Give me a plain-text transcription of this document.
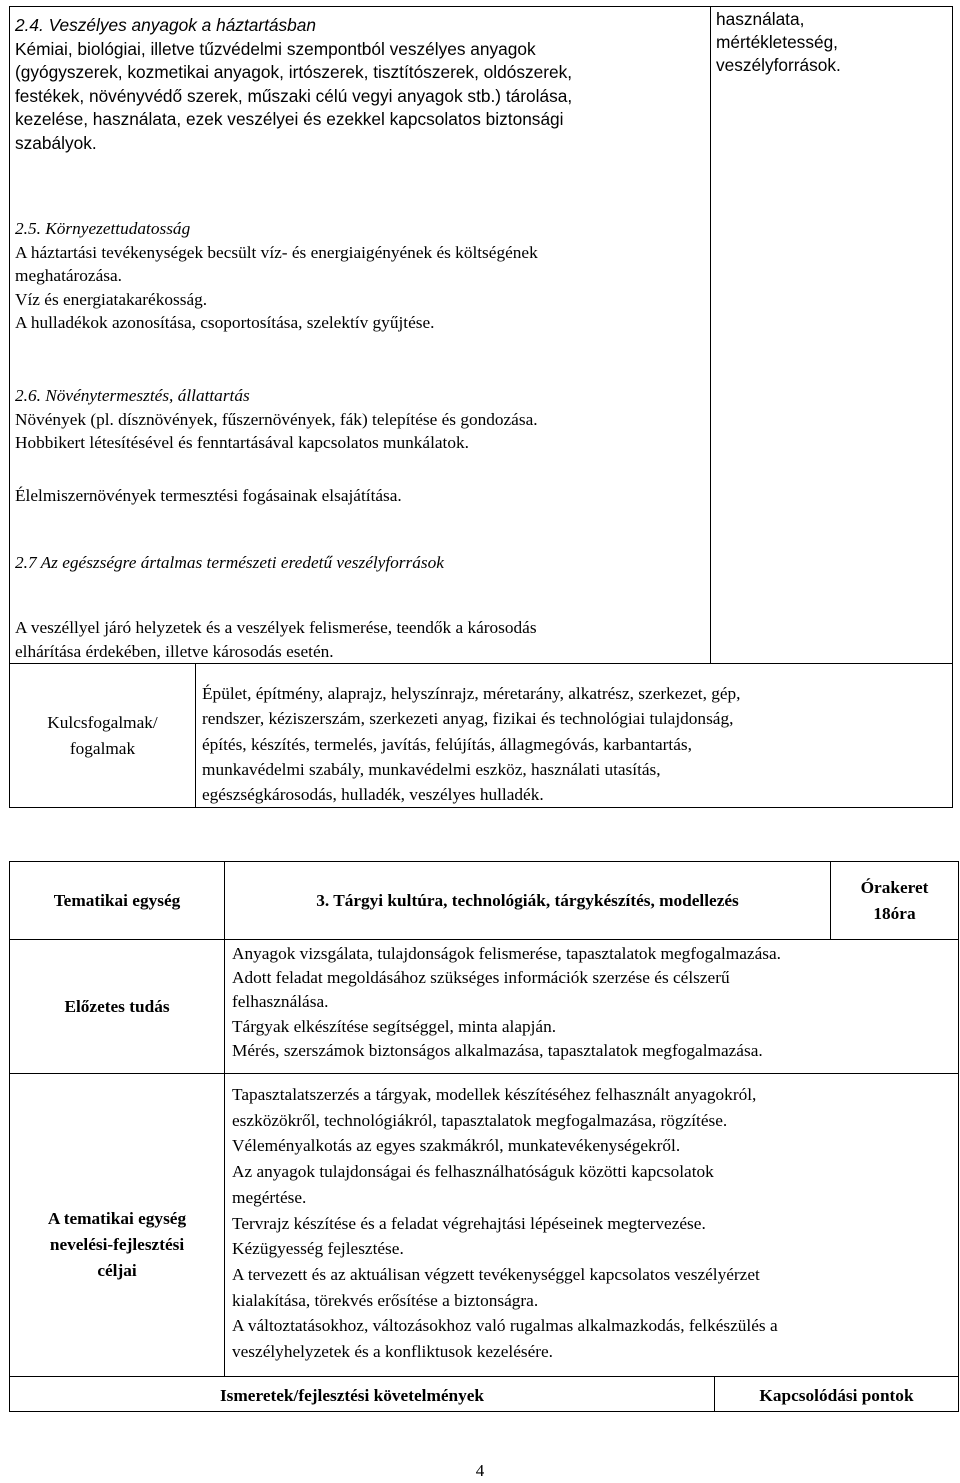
2.4. Veszélyes anyagok a háztartásban
Kémiai, biológiai, illetve tűzvédelmi szempontból veszélyes anyagok
(gyógyszerek, kozmetikai anyagok, irtószerek, tisztítószerek, oldószerek,
festékek, növényvédő szerek, műszaki célú vegyi anyagok stb.) tárolása,
kezelése, használata, ezek veszélyei és ezekkel kapcsolatos biztonsági
szabályok.
használata,
mértékletesség,
veszélyforrások.
2.5. Környezettudatosság
A háztartási tevékenységek becsült víz- és energiaigényének és költségének
meghatározása.
Víz és energiatakarékosság.
A hulladékok azonosítása, csoportosítása, szelektív gyűjtése.
2.6. Növénytermesztés, állattartás
Növények (pl. dísznövények, fűszernövények, fák) telepítése és gondozása.
Hobbikert létesítésével és fenntartásával kapcsolatos munkálatok.
Élelmiszernövények termesztési fogásainak elsajátítása.
2.7 Az egészségre ártalmas természeti eredetű veszélyforrások
A veszéllyel járó helyzetek és a veszélyek felismerése, teendők a károsodás
elhárítása érdekében, illetve károsodás esetén.
Kulcsfogalmak/
fogalmak
Épület, építmény, alaprajz, helyszínrajz, méretarány, alkatrész, szerkezet, gép,
rendszer, kéziszerszám, szerkezeti anyag, fizikai és technológiai tulajdonság,
építés, készítés, termelés, javítás, felújítás, állagmegóvás, karbantartás,
munkavédelmi szabály, munkavédelmi eszköz, használati utasítás,
egészségkárosodás, hulladék, veszélyes hulladék.
Tematikai egység	3. Tárgyi kultúra, technológiák, tárgykészítés, modellezés
Órakeret
18óra
Előzetes tudás
Anyagok vizsgálata, tulajdonságok felismerése, tapasztalatok megfogalmazása.
Adott feladat megoldásához szükséges információk szerzése és célszerű
felhasználása.
Tárgyak elkészítése segítséggel, minta alapján.
Mérés, szerszámok biztonságos alkalmazása, tapasztalatok megfogalmazása.
A tematikai egység
nevelési-fejlesztési
céljai
Tapasztalatszerzés a tárgyak, modellek készítéséhez felhasznált anyagokról,
eszközökről, technológiákról, tapasztalatok megfogalmazása, rögzítése.
Véleményalkotás az egyes szakmákról, munkatevékenységekről.
Az anyagok tulajdonságai és felhasználhatóságuk közötti kapcsolatok
megértése.
Tervrajz készítése és a feladat végrehajtási lépéseinek megtervezése.
Kézügyesség fejlesztése.
A tervezett és az aktuálisan végzett tevékenységgel kapcsolatos veszélyérzet
kialakítása, törekvés erősítése a biztonságra.
A változtatásokhoz, változásokhoz való rugalmas alkalmazkodás, felkészülés a
veszélyhelyzetek és a konfliktusok kezelésére.
Ismeretek/fejlesztési követelmények	Kapcsolódási pontok
4
